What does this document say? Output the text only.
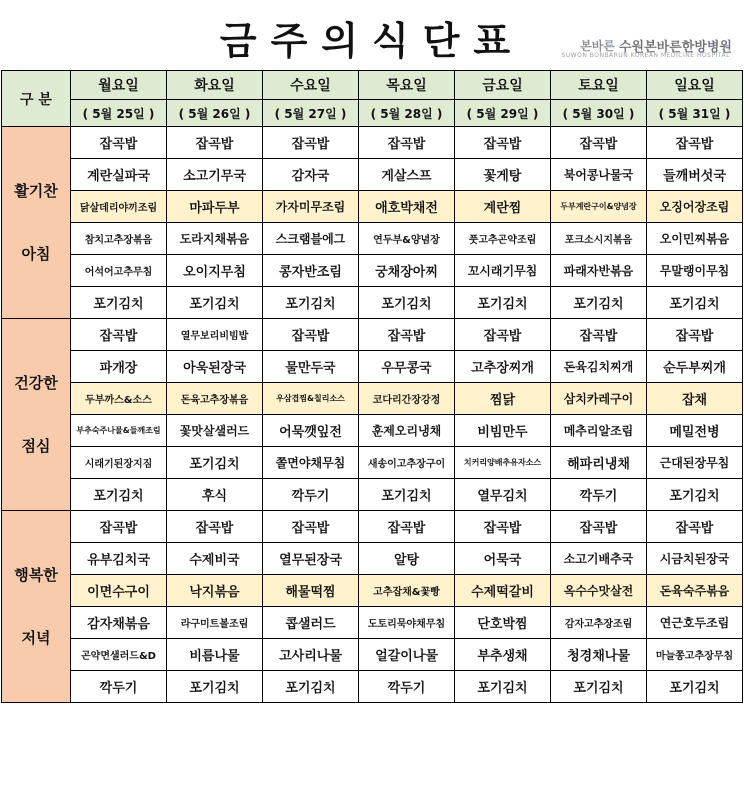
금주의식단표	본바른 수원본바른한방병원
SUWON BONBARUN KOREAN MEDICINE HOSPITAL
구 분	월요일	화요일	수요일	목요일	금요일	토요일	일요일
	( 5월 25일 )	( 5월 26일 )	( 5월 27일 )	( 5월 28일 )	( 5월 29일 )	( 5월 30일 )	( 5월 31일 )

활기찬
아침	잡곡밥	잡곡밥	잡곡밥	잡곡밥	잡곡밥	잡곡밥	잡곡밥
	계란실파국	소고기무국	감자국	게살스프	꽃게탕	북어콩나물국	들깨버섯국
	닭살데리야끼조림	마파두부	가자미무조림	애호박채전	계란찜	두부계란구이&양념장	오징어장조림
	참치고추장볶음	도라지채볶음	스크램블에그	연두부&양념장	풋고추곤약조림	포크소시지볶음	오이민찌볶음
	어석어고추무침	오이지무침	콩자반조림	궁채장아찌	꼬시래기무침	파래자반볶음	무말랭이무침
	포기김치	포기김치	포기김치	포기김치	포기김치	포기김치	포기김치

건강한
점심	잡곡밥	열무보리비빔밥	잡곡밥	잡곡밥	잡곡밥	잡곡밥	잡곡밥
	파개장	아욱된장국	물만두국	우무콩국	고추장찌개	돈육김치찌개	순두부찌개
	두부까스&소스	돈육고추장볶음	우삼겹찜&칠리소스	코다리간장강정	찜닭	삼치카레구이	잡채
	부추숙주나물&들깨조림	꽃맛살샐러드	어묵깻잎전	훈제오리냉채	비빔만두	메추리알조림	메밀전병
	시래기된장지짐	포기김치	쫄면야채무침	새송이고추장구이	치커리양배추유자소스	해파리냉채	근대된장무침
	포기김치	후식	깍두기	포기김치	열무김치	깍두기	포기김치

행복한
저녁	잡곡밥	잡곡밥	잡곡밥	잡곡밥	잡곡밥	잡곡밥	잡곡밥
	유부김치국	수제비국	열무된장국	알탕	어묵국	소고기배추국	시금치된장국
	이면수구이	낙지볶음	해물떡찜	고추잡채&꽃빵	수제떡갈비	옥수수맛살전	돈육숙주볶음
	감자채볶음	라구미트볼조림	콥샐러드	도토리묵야채무침	단호박찜	감자고추장조림	연근호두조림
	곤약면샐러드&D	비름나물	고사리나물	얼갈이나물	부추생채	청경채나물	마늘쫑고추장무침
	깍두기	포기김치	포기김치	깍두기	포기김치	포기김치	포기김치
